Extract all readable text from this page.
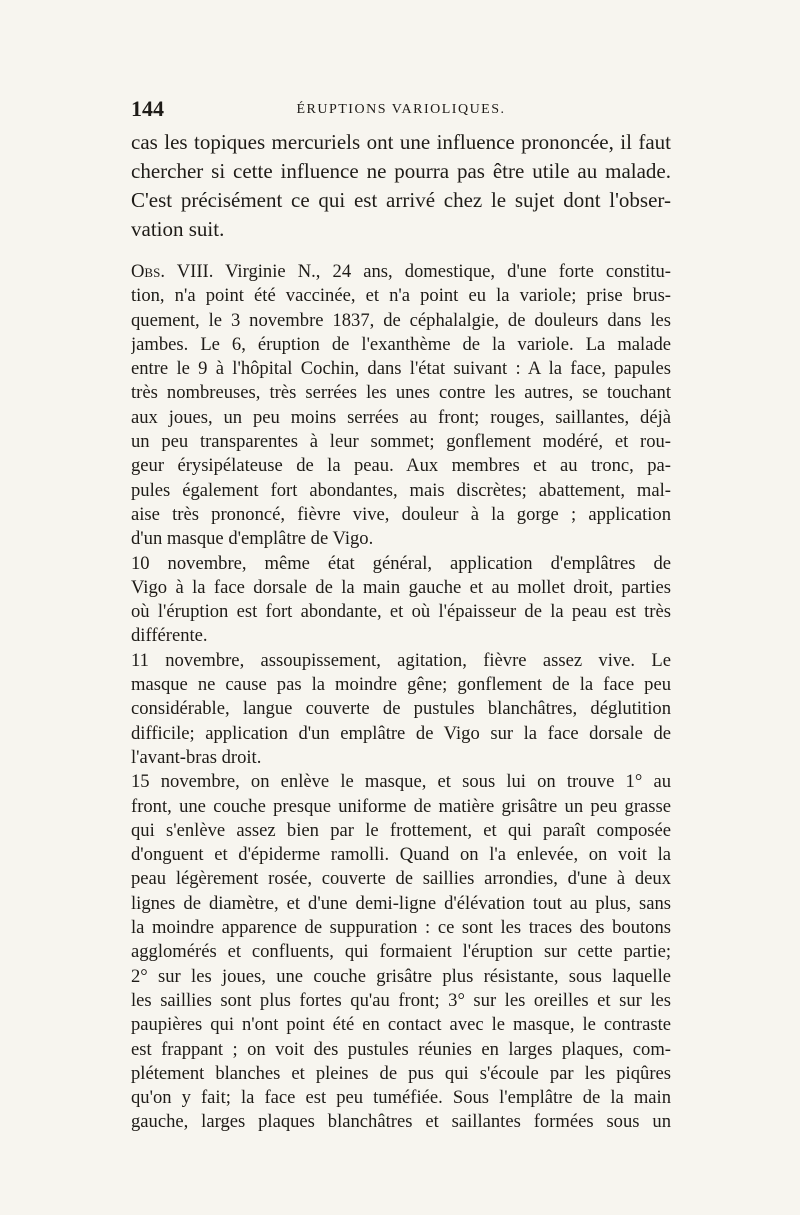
144	ÉRUPTIONS VARIOLIQUES.
cas les topiques mercuriels ont une influence prononcée, il faut
chercher si cette influence ne pourra pas être utile au malade.
C'est précisément ce qui est arrivé chez le sujet dont l'obser-
vation suit.
Obs. VIII. Virginie N., 24 ans, domestique, d'une forte constitu-
tion, n'a point été vaccinée, et n'a point eu la variole; prise brus-
quement, le 3 novembre 1837, de céphalalgie, de douleurs dans les
jambes. Le 6, éruption de l'exanthème de la variole. La malade
entre le 9 à l'hôpital Cochin, dans l'état suivant : A la face, papules
très nombreuses, très serrées les unes contre les autres, se touchant
aux joues, un peu moins serrées au front; rouges, saillantes, déjà
un peu transparentes à leur sommet; gonflement modéré, et rou-
geur érysipélateuse de la peau. Aux membres et au tronc, pa-
pules également fort abondantes, mais discrètes; abattement, mal-
aise très prononcé, fièvre vive, douleur à la gorge ; application
d'un masque d'emplâtre de Vigo.
10 novembre, même état général, application d'emplâtres de
Vigo à la face dorsale de la main gauche et au mollet droit, parties
où l'éruption est fort abondante, et où l'épaisseur de la peau est très
différente.
11 novembre, assoupissement, agitation, fièvre assez vive. Le
masque ne cause pas la moindre gêne; gonflement de la face peu
considérable, langue couverte de pustules blanchâtres, déglutition
difficile; application d'un emplâtre de Vigo sur la face dorsale de
l'avant-bras droit.
15 novembre, on enlève le masque, et sous lui on trouve 1° au
front, une couche presque uniforme de matière grisâtre un peu grasse
qui s'enlève assez bien par le frottement, et qui paraît composée
d'onguent et d'épiderme ramolli. Quand on l'a enlevée, on voit la
peau légèrement rosée, couverte de saillies arrondies, d'une à deux
lignes de diamètre, et d'une demi-ligne d'élévation tout au plus, sans
la moindre apparence de suppuration : ce sont les traces des boutons
agglomérés et confluents, qui formaient l'éruption sur cette partie;
2° sur les joues, une couche grisâtre plus résistante, sous laquelle
les saillies sont plus fortes qu'au front; 3° sur les oreilles et sur les
paupières qui n'ont point été en contact avec le masque, le contraste
est frappant ; on voit des pustules réunies en larges plaques, com-
plétement blanches et pleines de pus qui s'écoule par les piqûres
qu'on y fait; la face est peu tuméfiée. Sous l'emplâtre de la main
gauche, larges plaques blanchâtres et saillantes formées sous un
